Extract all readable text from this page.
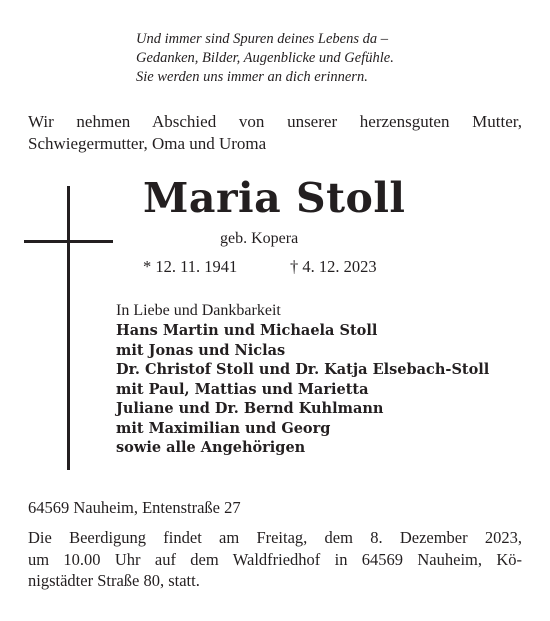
Und immer sind Spuren deines Lebens da –
Gedanken, Bilder, Augenblicke und Gefühle.
Sie werden uns immer an dich erinnern.
Wir nehmen Abschied von unserer herzensguten Mutter,
Schwiegermutter, Oma und Uroma
Maria Stoll
geb. Kopera
* 12. 11. 1941	† 4. 12. 2023
In Liebe und Dankbarkeit
Hans Martin und Michaela Stoll
mit Jonas und Niclas
Dr. Christof Stoll und Dr. Katja Elsebach-Stoll
mit Paul, Mattias und Marietta
Juliane und Dr. Bernd Kuhlmann
mit Maximilian und Georg
sowie alle Angehörigen
64569 Nauheim, Entenstraße 27
Die Beerdigung findet am Freitag, dem 8. Dezember 2023,
um 10.00 Uhr auf dem Waldfriedhof in 64569 Nauheim, Kö-
nigstädter Straße 80, statt.
